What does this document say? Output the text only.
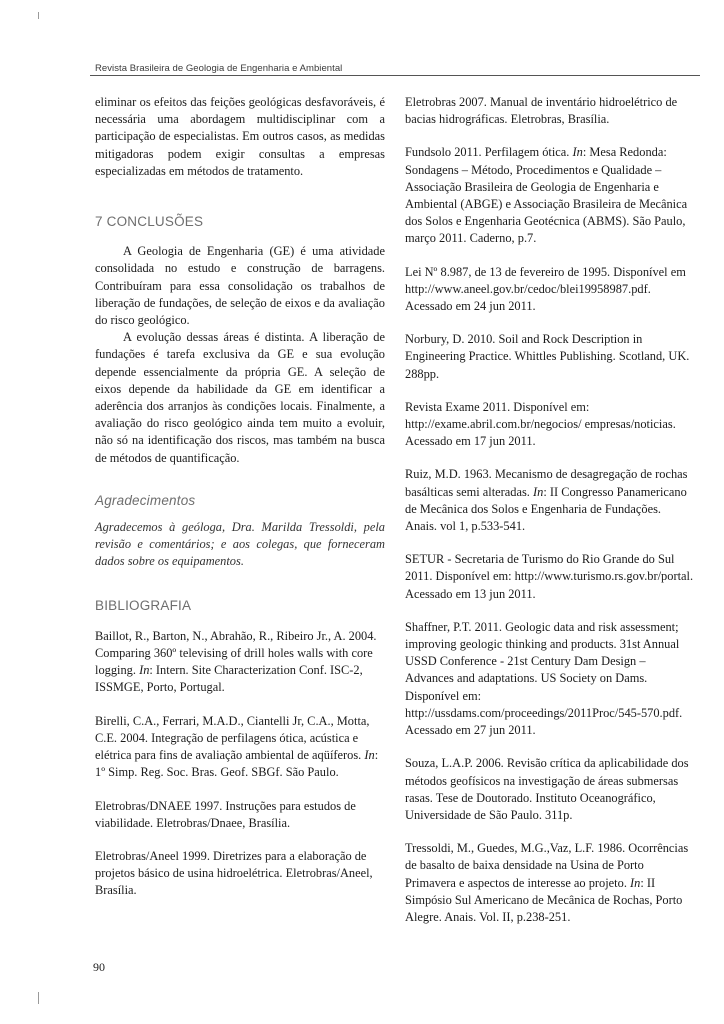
Revista Brasileira de Geologia de Engenharia e Ambiental

eliminar os efeitos das feições geológicas desfavoráveis, é necessária uma abordagem multidisciplinar com a participação de especialistas. Em outros casos, as medidas mitigadoras podem exigir consultas a empresas especializadas em métodos de tratamento.

7 CONCLUSÕES

A Geologia de Engenharia (GE) é uma atividade consolidada no estudo e construção de barragens. Contribuíram para essa consolidação os trabalhos de liberação de fundações, de seleção de eixos e da avaliação do risco geológico.

A evolução dessas áreas é distinta. A liberação de fundações é tarefa exclusiva da GE e sua evolução depende essencialmente da própria GE. A seleção de eixos depende da habilidade da GE em identificar a aderência dos arranjos às condições locais. Finalmente, a avaliação do risco geológico ainda tem muito a evoluir, não só na identificação dos riscos, mas também na busca de métodos de quantificação.

Agradecimentos

Agradecemos à geóloga, Dra. Marilda Tressoldi, pela revisão e comentários; e aos colegas, que forneceram dados sobre os equipamentos.

BIBLIOGRAFIA

Baillot, R., Barton, N., Abrahão, R., Ribeiro Jr., A. 2004. Comparing 360º televising of drill holes walls with core logging. In: Intern. Site Characterization Conf. ISC-2, ISSMGE, Porto, Portugal.

Birelli, C.A., Ferrari, M.A.D., Ciantelli Jr, C.A., Motta, C.E. 2004. Integração de perfilagens ótica, acústica e elétrica para fins de avaliação ambiental de aqüíferos. In: 1º Simp. Reg. Soc. Bras. Geof. SBGf. São Paulo.

Eletrobras/DNAEE 1997. Instruções para estudos de viabilidade. Eletrobras/Dnaee, Brasília.

Eletrobras/Aneel 1999. Diretrizes para a elaboração de projetos básico de usina hidroelétrica. Eletrobras/Aneel, Brasília.

Eletrobras 2007. Manual de inventário hidroelétrico de bacias hidrográficas. Eletrobras, Brasília.

Fundsolo 2011. Perfilagem ótica. In: Mesa Redonda: Sondagens – Método, Procedimentos e Qualidade – Associação Brasileira de Geologia de Engenharia e Ambiental (ABGE) e Associação Brasileira de Mecânica dos Solos e Engenharia Geotécnica (ABMS). São Paulo, março 2011. Caderno, p.7.

Lei Nº 8.987, de 13 de fevereiro de 1995. Disponível em http://www.aneel.gov.br/cedoc/blei19958987.pdf. Acessado em 24 jun 2011.

Norbury, D. 2010. Soil and Rock Description in Engineering Practice. Whittles Publishing. Scotland, UK. 288pp.

Revista Exame 2011. Disponível em: http://exame.abril.com.br/negocios/ empresas/noticias. Acessado em 17 jun 2011.

Ruiz, M.D. 1963. Mecanismo de desagregação de rochas basálticas semi alteradas. In: II Congresso Panamericano de Mecânica dos Solos e Engenharia de Fundações. Anais. vol 1, p.533-541.

SETUR - Secretaria de Turismo do Rio Grande do Sul 2011. Disponível em: http://www.turismo.rs.gov.br/portal. Acessado em 13 jun 2011.

Shaffner, P.T. 2011. Geologic data and risk assessment; improving geologic thinking and products. 31st Annual USSD Conference - 21st Century Dam Design – Advances and adaptations. US Society on Dams. Disponível em: http://ussdams.com/proceedings/2011Proc/545-570.pdf. Acessado em 27 jun 2011.

Souza, L.A.P. 2006. Revisão crítica da aplicabilidade dos métodos geofísicos na investigação de áreas submersas rasas. Tese de Doutorado. Instituto Oceanográfico, Universidade de São Paulo. 311p.

Tressoldi, M., Guedes, M.G.,Vaz, L.F. 1986. Ocorrências de basalto de baixa densidade na Usina de Porto Primavera e aspectos de interesse ao projeto. In: II Simpósio Sul Americano de Mecânica de Rochas, Porto Alegre. Anais. Vol. II, p.238-251.

90
